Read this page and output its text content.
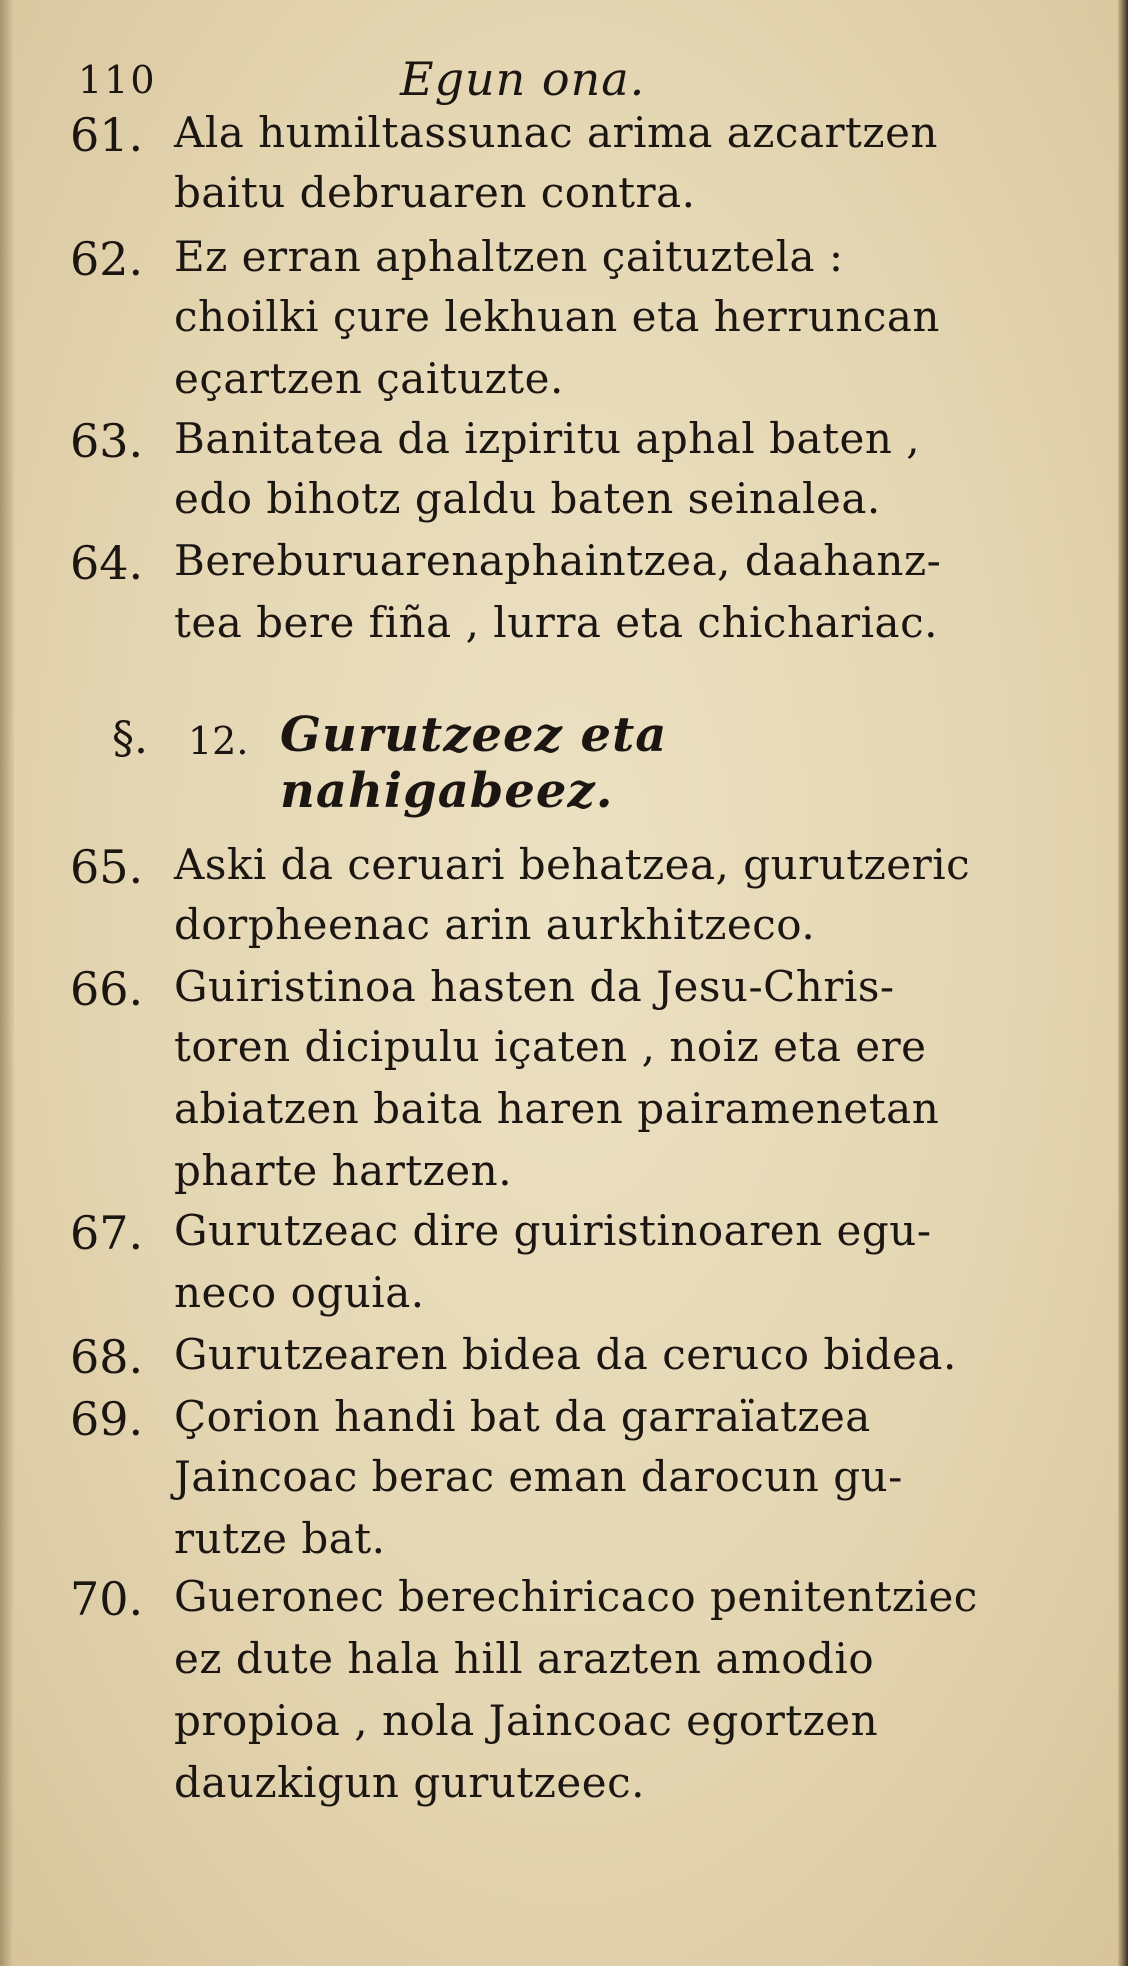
110	Egun ona.
61. Ala humiltassunac arima azcartzen
baitu debruaren contra.
62. Ez erran aphaltzen çaituztela :
choilki çure lekhuan eta herruncan
eçartzen çaituzte.
63. Banitatea da izpiritu aphal baten ,
edo bihotz galdu baten seinalea.
64. Bereburuarenaphaintzea, daahanz-
tea bere fiña , lurra eta chichariac.
§. 12. Gurutzeez eta nahigabeez.
65. Aski da ceruari behatzea, gurutzeric
dorpheenac arin aurkhitzeco.
66. Guiristinoa hasten da Jesu-Chris-
toren dicipulu içaten , noiz eta ere
abiatzen baita haren pairamenetan
pharte hartzen.
67. Gurutzeac dire guiristinoaren egu-
neco oguia.
68. Gurutzearen bidea da ceruco bidea.
69. Çorion handi bat da garraïatzea
Jaincoac berac eman darocun gu-
rutze bat.
70. Gueronec berechiricaco penitentziec
ez dute hala hill arazten amodio
propioa , nola Jaincoac egortzen
dauzkigun gurutzeec.
